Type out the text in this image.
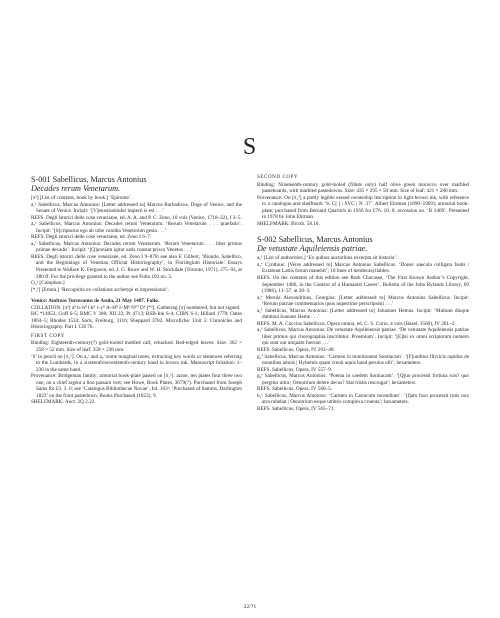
S

S-001 Sabellicus, Marcus Antonius

Decades rerum Venetarum.

[π¹] [List of contents, book by book.] ‘Epitoma’.

a₁¹ Sabellicus, Marcus Antonius: [Letter addressed to] Marcus Barbadicus, Doge of Venice, and the Senate of Venice. Incipit: ‘[V]etustissimdor imperii is est . . .’

REFS. Degli istorici delle cose veneziane, ed. A. A. and P. C. Zeno, 10 vols (Venice, 1718–22), I 3–5.

a₂¹ Sabellicus, Marcus Antonius: Decades rerum Venetarum. ‘Rerum Venetarum . . . praefatio’. Incipit: ‘[S]cripturus ego ab urbe condita Venetorum gesta . . .’

REFS. Degli istorici delle cose veneziane, ed. Zeno I 6–7.

a₃¹ Sabellicus, Marcus Antonius: Decades rerum Venetarum. ‘Rerum Venetarum . . . liber primus primae decadis’. Incipit: ‘[Q]uoniam igitur satis constat prisco Venetos . . .’

REFS. Degli istorici delle cose veneziane, ed. Zeno I 9–878; see also F. Gilbert, ‘Biondo, Sabellico, and the Beginnings of Venetian Official Historiography’, in Florilegium Historiale: Essays Presented to Wallace K. Ferguson, ed. J. G. Rowe and W. H. Stockdale (Toronto, 1971), 275–93, at 280 ff. For the privilege granted to the author see Fulin 102 no. 3.

O₄¹ [Colophon.]

[*₁¹] [Errata.] ‘Recognitio ex collatione archetypi et impressionis’.

Venice: Andreas Torresanus de Asula, 21 May 1487. Folio.

COLLATION: [π²] a⁸ b–h⁸ i k⁸ l–y⁸ A–H⁸ I–M⁸ N¹⁰ O⁴ [*²]. Gathering [π] numbered, but not signed.

HC *14053; Goff S-5; BMC V 308; XII 22; Pr 4713; BSB-Ink S-4; CIBN S-1; Hillard 1778; Oates 1864–5; Rhodes 1533; Sack, Freiburg, 3116; Sheppard 3782. Microfiche: Unit 5: Chronicles and Historiography. Part I. CH 76.

FIRST COPY

Binding: Eighteenth-century(?) gold-tooled mottled calf, rebacked. Red-edged leaves. Size: 362 × 258 × 52 mm. Size of leaf: 358 × 238 mm.

‘6’ in pencil on [π₁¹]. On a₁ʳ and a₂ʳ some marginal notes, extracting key words or sentences referring to the Lombards, in a sixteenth/seventeenth-century hand in brown ink. Manuscript foliation: 1–230 in the same hand.

Provenance: Bridgeman family; armorial book-plate pasted on [π₁ᵛ]: azure, ten plates four three two one, on a chief argent a lion passant vert; see Howe, Book Plates, 3679(?). Purchased from Joseph Sams for £3. 3. 0; see ‘Catalogus Bibliothecae Novae’, fol. 163ʳ: ‘Purchased of Samms, Darlington 1823’ on the front pastedown; Books Purchased (1823), 9.

SHELFMARK: Auct. 2Q 2.22.

SECOND COPY

Binding: Nineteenth-century gold-tooled (fillets only) half olive green morocco over marbled pasteboards, with marbled pastedowns. Size: 435 × 295 × 50 mm. Size of leaf: 421 × 280 mm.

Provenance: On [π₁¹] a partly legible erased ownership inscription in light brown ink, with reference to a catalogue and shelfmark ‘S. C[ ] | SVC | N. 37’. Albert Ehrman (1890–1969); armorial book-plate; purchased from Bernard Quaritch in 1956 for £76. 10. 0; accession no. ‘R 1469’. Presented in 1978 by John Ehrman.

SHELFMARK: Broxb. 58.10.

S-002 Sabellicus, Marcus Antonius

De vetustate Aquileiensis patriae.

a₁¹ [List of authorities.] ‘Ex quibus auctoribus excerpta sit historia’.

a₁ᵛ Cynthius: [Verse addressed to] Marcus Antonius Sabellicus. ‘Donec saecula colligata fastis | Extabunt Latiis forum manebit’; 10 lines of hendecasyllables.

REFS. On the contents of this edition see Ruth Chavasse, ‘The First Known Author’s Copyright, September 1486, in the Context of a Humanist Career’, Bulletin of the John Rylands Library, 69 (1986), 11–37, at 20–3.

a₁ᵛ Merula Alexandrinus, Georgius: [Letter addressed to] Marcus Antonius Sabellicus. Incipit: ‘Rerum patriae commentarios quos nuperrime perscripsisti . . .’

a₂¹ Sabellicus, Marcus Antonius: [Letter addressed to] Johannes Hemus. Incipit: ‘Multum diuque dubitaui Ioannes Heme . . .’

REFS. M. A. Coccius Sabellicus, Opera omnia, ed. C. S. Curio, 4 vols (Basel, 1560), IV 201–2.

a₃¹ Sabellicus, Marcus Antonius: De vetustate Aquileiensis patriae. ‘De vetustate Aquileiensis patriae liber primus qui chorographia inscribitur. Proemium’. Incipit: ‘[E]tsi ex omni scriptorum numero qui sunt out unquam fuerunt . . .’

REFS. Sabellicus, Opera, IV 203–48.

g₁¹ Sabellicus, Marcus Antonius: ‘Carmen in munitionem Sontiacam’. ‘[F]unditur Illyricis rapidus de montibus amnis | Hybernis quam creuit aquis haud peruius olli’; hexameters.

REFS. Sabellicus, Opera, IV 557–9.

g₂ᵛ Sabellicus, Marcus Antonius: ‘Poema in caedem Sontiacam’. ‘[Q]uo processit fortuna ruis? quo pergitur ultra | Oenotrium delere decus? Stat tristis rescrugat’; hexameters.

REFS. Sabellicus, Opera, IV 560–5.

h₁ᵛ Sabellicus, Marcus Antonius: ‘Carmen in Carnicum incendium’. ‘[I]am fuso processit rutis nox atra rubebat | Oenotrium esque umbris complexa cruenta’; hexameters.

REFS. Sabellicus, Opera, IV 565–71.

22/71
